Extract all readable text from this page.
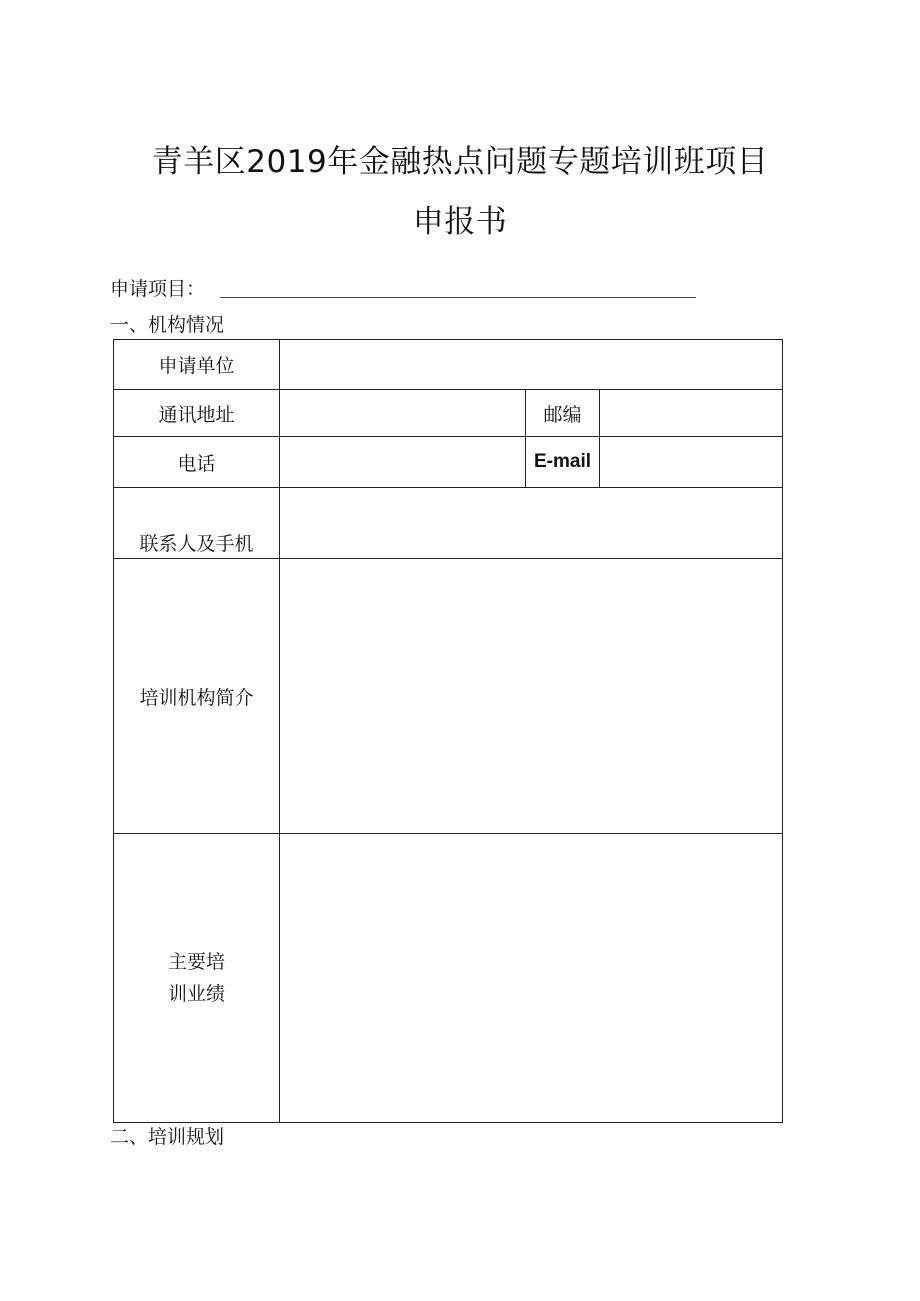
青羊区2019年金融热点问题专题培训班项目
申报书
申请项目：
一、机构情况
申请单位			
通讯地址		邮编	
电话		E-mail	
联系人及手机			
培训机构简介			

主要培
训业绩			

二、培训规划
